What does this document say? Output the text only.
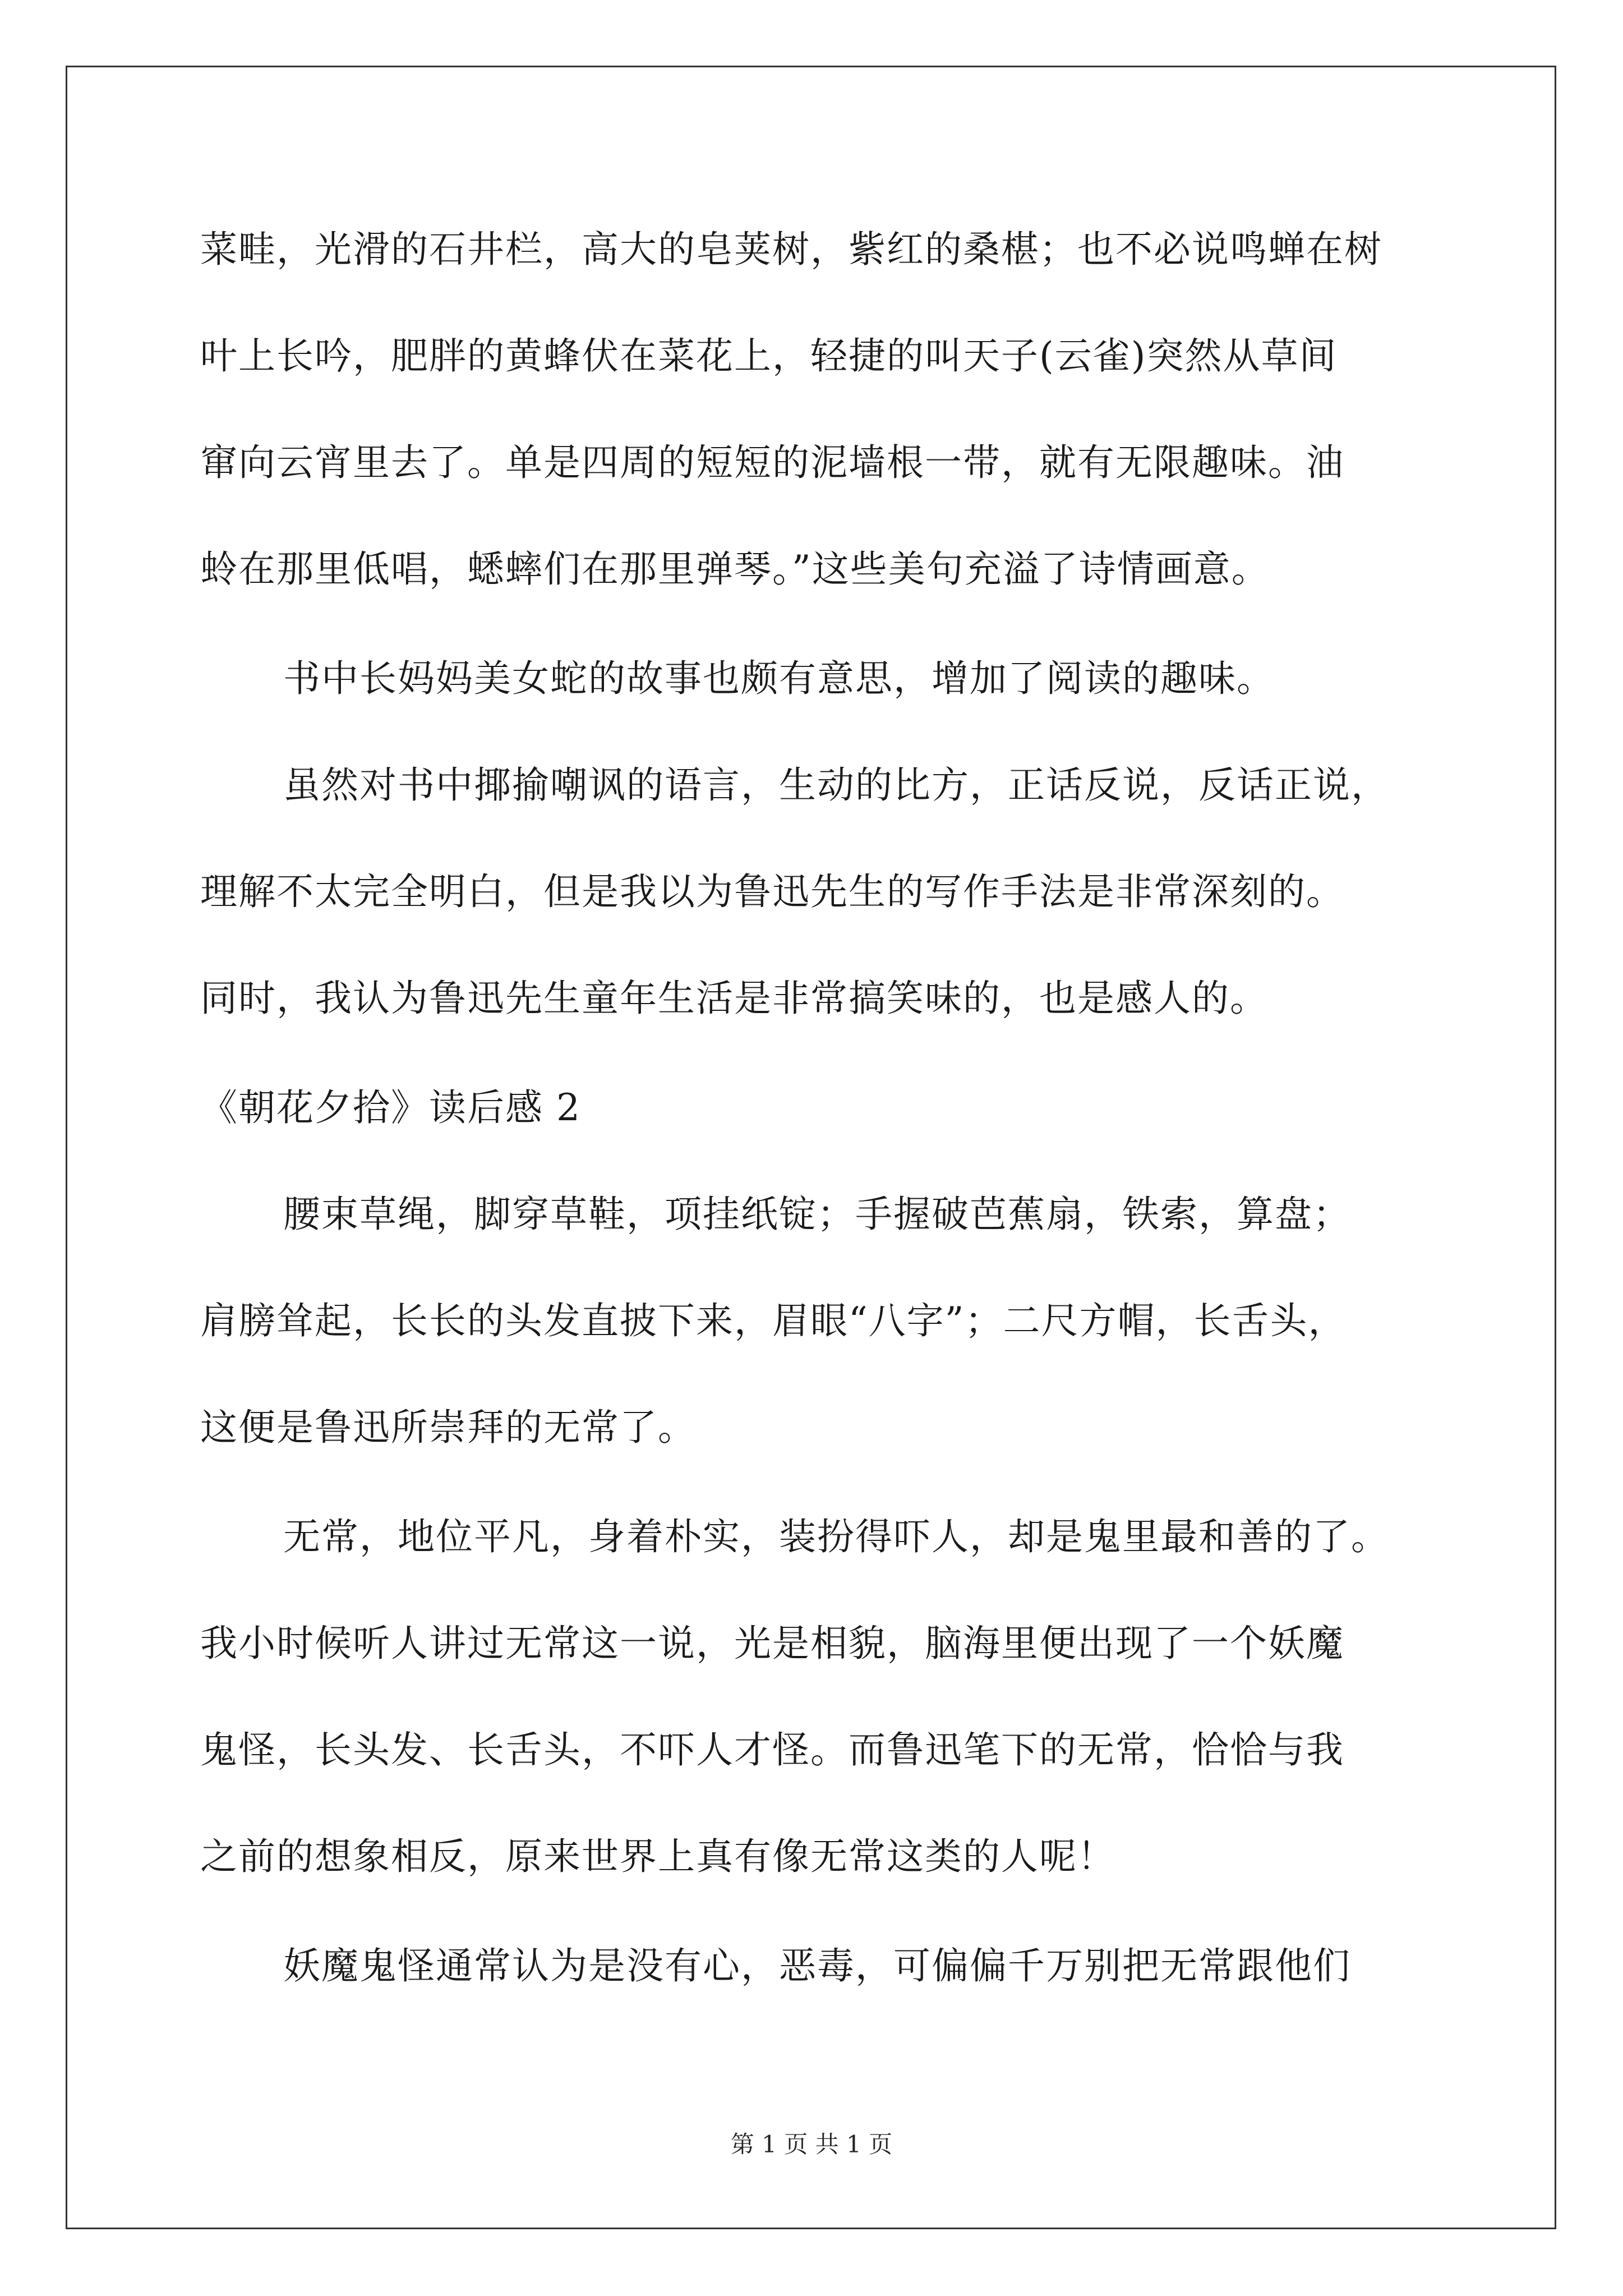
菜畦，光滑的石井栏，高大的皂荚树，紫红的桑椹；也不必说鸣蝉在树
叶上长吟，肥胖的黄蜂伏在菜花上，轻捷的叫天子(云雀)突然从草间
窜向云宵里去了。单是四周的短短的泥墙根一带，就有无限趣味。油
蛉在那里低唱，蟋蟀们在那里弹琴。”这些美句充溢了诗情画意。
书中长妈妈美女蛇的故事也颇有意思，增加了阅读的趣味。
虽然对书中揶揄嘲讽的语言，生动的比方，正话反说，反话正说，
理解不太完全明白，但是我以为鲁迅先生的写作手法是非常深刻的。
同时，我认为鲁迅先生童年生活是非常搞笑味的，也是感人的。
《朝花夕拾》读后感 2
腰束草绳，脚穿草鞋，项挂纸锭；手握破芭蕉扇，铁索，算盘；
肩膀耸起，长长的头发直披下来，眉眼“八字”；二尺方帽，长舌头，
这便是鲁迅所崇拜的无常了。
无常，地位平凡，身着朴实，装扮得吓人，却是鬼里最和善的了。
我小时候听人讲过无常这一说，光是相貌，脑海里便出现了一个妖魔
鬼怪，长头发、长舌头，不吓人才怪。而鲁迅笔下的无常，恰恰与我
之前的想象相反，原来世界上真有像无常这类的人呢！
妖魔鬼怪通常认为是没有心，恶毒，可偏偏千万别把无常跟他们
第 1 页 共 1 页
